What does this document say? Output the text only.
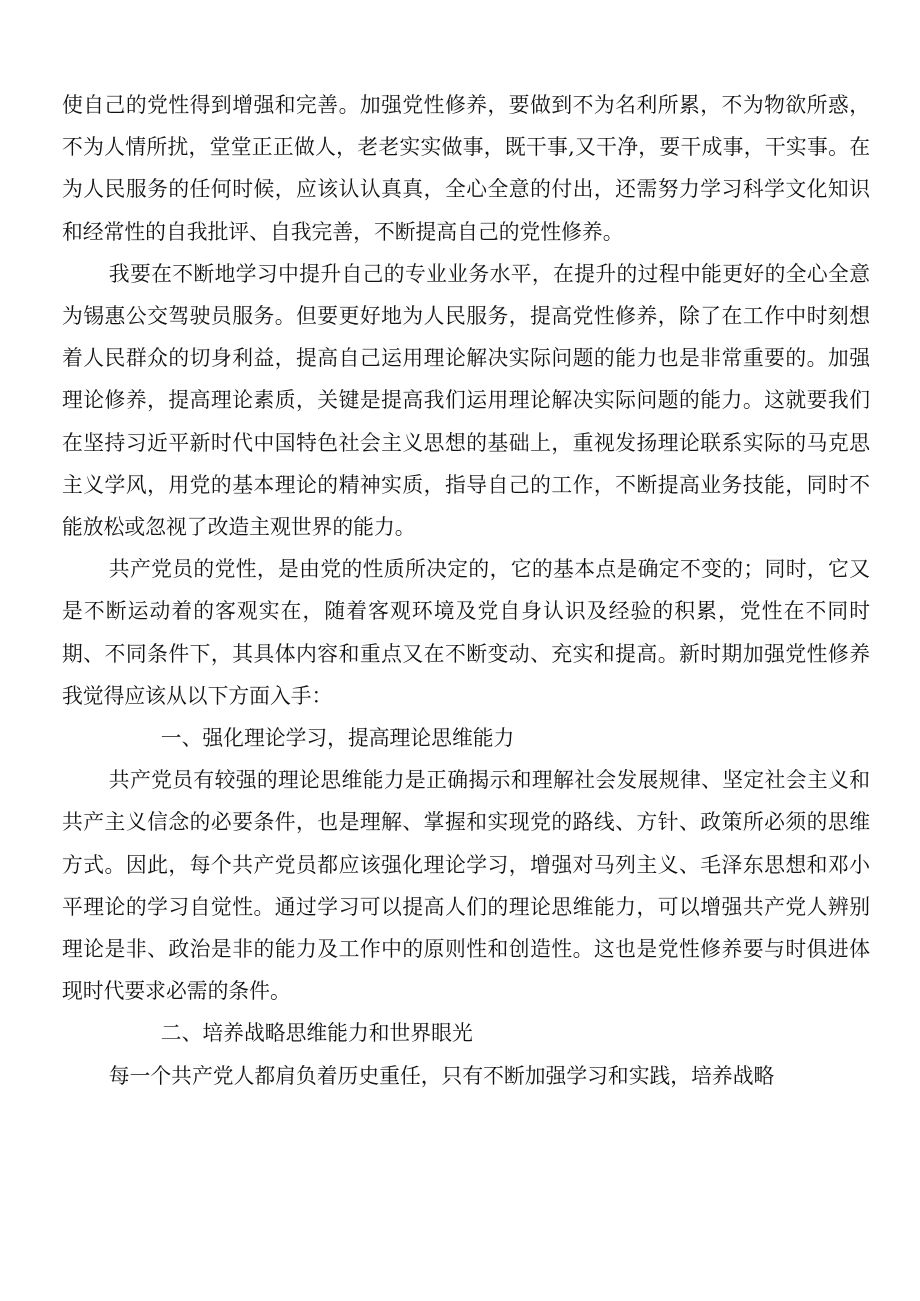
使自己的党性得到增强和完善。加强党性修养，要做到不为名利所累，不为物欲所惑，不为人情所扰，堂堂正正做人，老老实实做事，既干事,又干净，要干成事，干实事。在为人民服务的任何时候，应该认认真真，全心全意的付出，还需努力学习科学文化知识和经常性的自我批评、自我完善，不断提高自己的党性修养。

我要在不断地学习中提升自己的专业业务水平，在提升的过程中能更好的全心全意为锡惠公交驾驶员服务。但要更好地为人民服务，提高党性修养，除了在工作中时刻想着人民群众的切身利益，提高自己运用理论解决实际问题的能力也是非常重要的。加强理论修养，提高理论素质，关键是提高我们运用理论解决实际问题的能力。这就要我们在坚持习近平新时代中国特色社会主义思想的基础上，重视发扬理论联系实际的马克思主义学风，用党的基本理论的精神实质，指导自己的工作，不断提高业务技能，同时不能放松或忽视了改造主观世界的能力。

共产党员的党性，是由党的性质所决定的，它的基本点是确定不变的；同时，它又是不断运动着的客观实在，随着客观环境及党自身认识及经验的积累，党性在不同时期、不同条件下，其具体内容和重点又在不断变动、充实和提高。新时期加强党性修养我觉得应该从以下方面入手：

一、强化理论学习，提高理论思维能力

共产党员有较强的理论思维能力是正确揭示和理解社会发展规律、坚定社会主义和共产主义信念的必要条件，也是理解、掌握和实现党的路线、方针、政策所必须的思维方式。因此，每个共产党员都应该强化理论学习，增强对马列主义、毛泽东思想和邓小平理论的学习自觉性。通过学习可以提高人们的理论思维能力，可以增强共产党人辨别理论是非、政治是非的能力及工作中的原则性和创造性。这也是党性修养要与时俱进体现时代要求必需的条件。

二、培养战略思维能力和世界眼光

每一个共产党人都肩负着历史重任，只有不断加强学习和实践，培养战略
